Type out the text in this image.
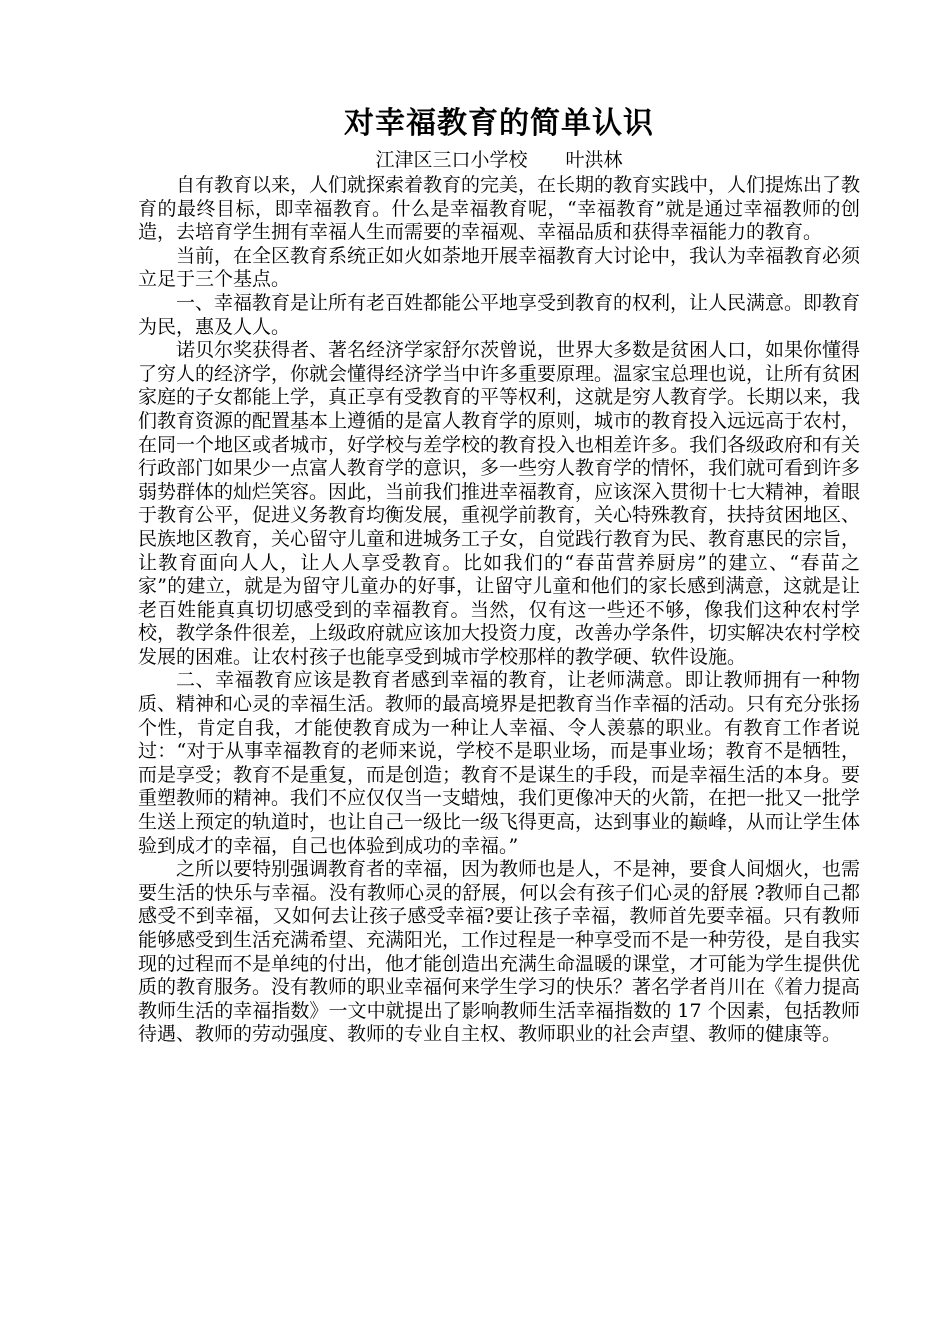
对幸福教育的简单认识

江津区三口小学校　　叶洪林

自有教育以来，人们就探索着教育的完美，在长期的教育实践中，人们提炼出了教育的最终目标，即幸福教育。什么是幸福教育呢，“幸福教育”就是通过幸福教师的创造，去培育学生拥有幸福人生而需要的幸福观、幸福品质和获得幸福能力的教育。

当前，在全区教育系统正如火如荼地开展幸福教育大讨论中，我认为幸福教育必须立足于三个基点。

一、幸福教育是让所有老百姓都能公平地享受到教育的权利，让人民满意。即教育为民，惠及人人。

诺贝尔奖获得者、著名经济学家舒尔茨曾说，世界大多数是贫困人口，如果你懂得了穷人的经济学，你就会懂得经济学当中许多重要原理。温家宝总理也说，让所有贫困家庭的子女都能上学，真正享有受教育的平等权利，这就是穷人教育学。长期以来，我们教育资源的配置基本上遵循的是富人教育学的原则，城市的教育投入远远高于农村，在同一个地区或者城市，好学校与差学校的教育投入也相差许多。我们各级政府和有关行政部门如果少一点富人教育学的意识，多一些穷人教育学的情怀，我们就可看到许多弱势群体的灿烂笑容。因此，当前我们推进幸福教育，应该深入贯彻十七大精神，着眼于教育公平，促进义务教育均衡发展，重视学前教育，关心特殊教育，扶持贫困地区、民族地区教育，关心留守儿童和进城务工子女，自觉践行教育为民、教育惠民的宗旨，让教育面向人人，让人人享受教育。比如我们的“春苗营养厨房”的建立、“春苗之家”的建立，就是为留守儿童办的好事，让留守儿童和他们的家长感到满意，这就是让老百姓能真真切切感受到的幸福教育。当然，仅有这一些还不够，像我们这种农村学校，教学条件很差，上级政府就应该加大投资力度，改善办学条件，切实解决农村学校发展的困难。让农村孩子也能享受到城市学校那样的教学硬、软件设施。

二、幸福教育应该是教育者感到幸福的教育，让老师满意。即让教师拥有一种物质、精神和心灵的幸福生活。教师的最高境界是把教育当作幸福的活动。只有充分张扬个性，肯定自我，才能使教育成为一种让人幸福、令人羡慕的职业。有教育工作者说过：“对于从事幸福教育的老师来说，学校不是职业场，而是事业场；教育不是牺牲，而是享受；教育不是重复，而是创造；教育不是谋生的手段，而是幸福生活的本身。要重塑教师的精神。我们不应仅仅当一支蜡烛，我们更像冲天的火箭，在把一批又一批学生送上预定的轨道时，也让自己一级比一级飞得更高，达到事业的巅峰，从而让学生体验到成才的幸福，自己也体验到成功的幸福。”

之所以要特别强调教育者的幸福，因为教师也是人，不是神，要食人间烟火，也需要生活的快乐与幸福。没有教师心灵的舒展，何以会有孩子们心灵的舒展 ?教师自己都感受不到幸福，又如何去让孩子感受幸福?要让孩子幸福，教师首先要幸福。只有教师能够感受到生活充满希望、充满阳光，工作过程是一种享受而不是一种劳役，是自我实现的过程而不是单纯的付出，他才能创造出充满生命温暖的课堂，才可能为学生提供优质的教育服务。没有教师的职业幸福何来学生学习的快乐？著名学者肖川在《着力提高教师生活的幸福指数》一文中就提出了影响教师生活幸福指数的 17 个因素，包括教师待遇、教师的劳动强度、教师的专业自主权、教师职业的社会声望、教师的健康等。
